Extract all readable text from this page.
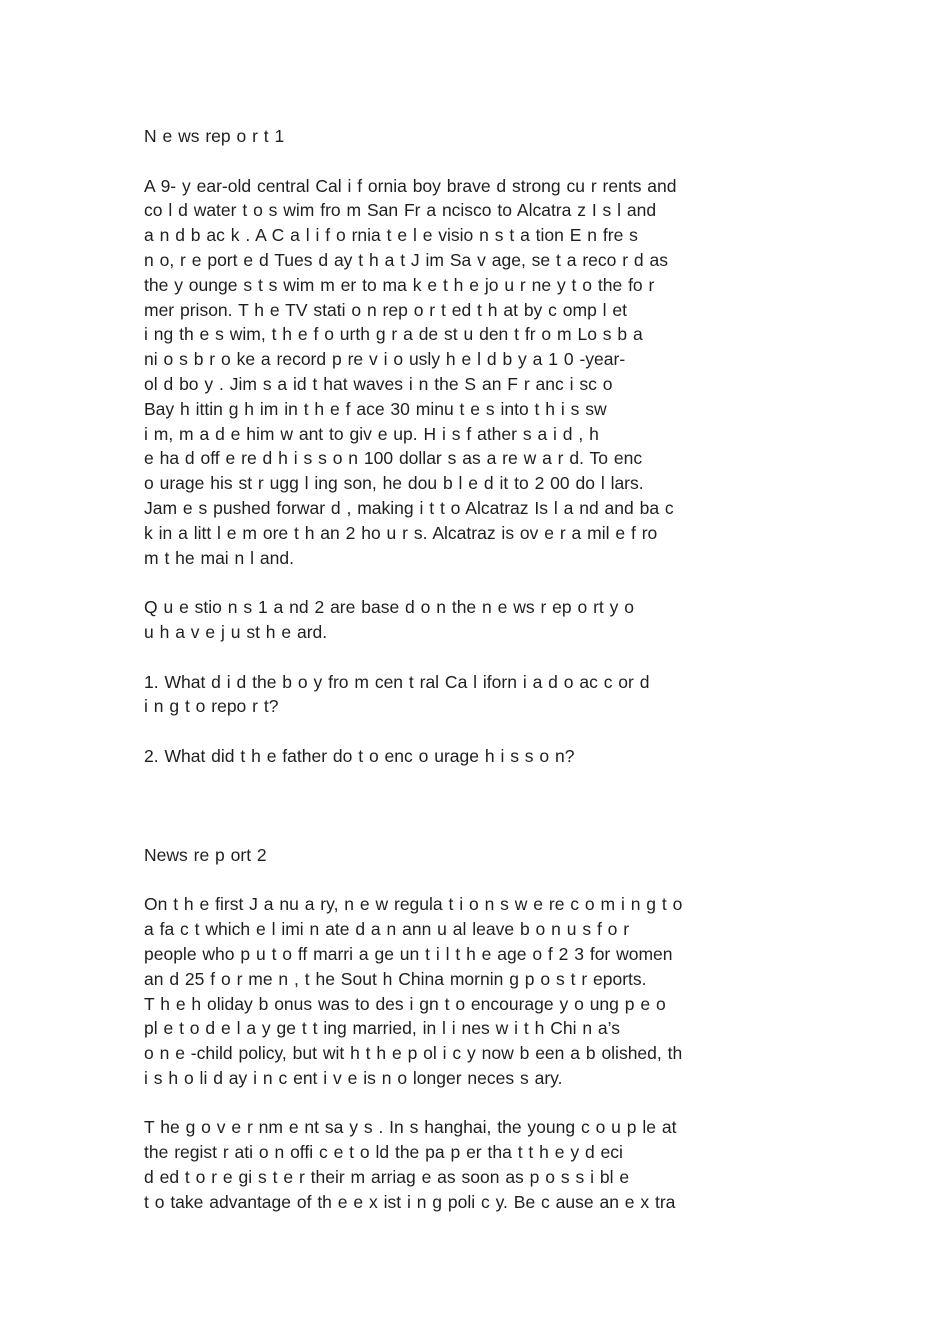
N e ws rep o r t 1

A 9- y ear-old central Cal i f ornia boy brave d strong cu r rents and
co l d water t o s wim fro m San Fr a ncisco to Alcatra z I s l and
a n d b ac k . A C a l i f o rnia t e l e visio n s t a tion E n fre s
n o, r e port e d Tues d ay t h a t J im Sa v age, se t a reco r d as
the y ounge s t s wim m er to ma k e t h e jo u r ne y t o the fo r
mer prison. T h e TV stati o n rep o r t ed t h at by c omp l et
i ng th e s wim, t h e f o urth g r a de st u den t fr o m Lo s b a
ni o s b r o ke a record p re v i o usly h e l d b y a 1 0 -year-
ol d bo y . Jim s a id t hat waves i n the S an F r anc i sc o
Bay h ittin g h im in t h e f ace 30 minu t e s into t h i s sw
i m, m a d e him w ant to giv e up. H i s f ather s a i d , h
e ha d off e re d h i s s o n 100 dollar s as a re w a r d. To enc
o urage his st r ugg l ing son, he dou b l e d it to 2 00 do l lars.
Jam e s pushed forwar d , making i t t o Alcatraz Is l a nd and ba c
k in a litt l e m ore t h an 2 ho u r s. Alcatraz is ov e r a mil e f ro
m t he mai n l and.

Q u e stio n s 1 a nd 2 are base d o n the n e ws r ep o rt y o
u h a v e j u st h e ard.

1. What d i d the b o y fro m cen t ral Ca l iforn i a d o ac c or d
i n g t o repo r t?

2. What did t h e father do t o enc o urage h i s s o n?

News re p ort 2

On t h e first J a nu a ry, n e w regula t i o n s w e re c o m i n g t o
a fa c t which e l imi n ate d a n ann u al leave b o n u s f o r
people who p u t o ff marri a ge un t i l t h e age o f 2 3 for women
an d 25 f o r me n , t he Sout h China mornin g p o s t r eports.
T h e h oliday b onus was to des i gn t o encourage y o ung p e o
pl e t o d e l a y ge t t ing married, in l i nes w i t h Chi n a’s
o n e -child policy, but wit h t h e p ol i c y now b een a b olished, th
i s h o li d ay i n c ent i v e is n o longer neces s ary.

T he g o v e r nm e nt sa y s . In s hanghai, the young c o u p le at
the regist r ati o n offi c e t o ld the pa p er tha t t h e y d eci
d ed t o r e gi s t e r their m arriag e as soon as p o s s i bl e
t o take advantage of th e e x ist i n g poli c y. Be c ause an e x tra
